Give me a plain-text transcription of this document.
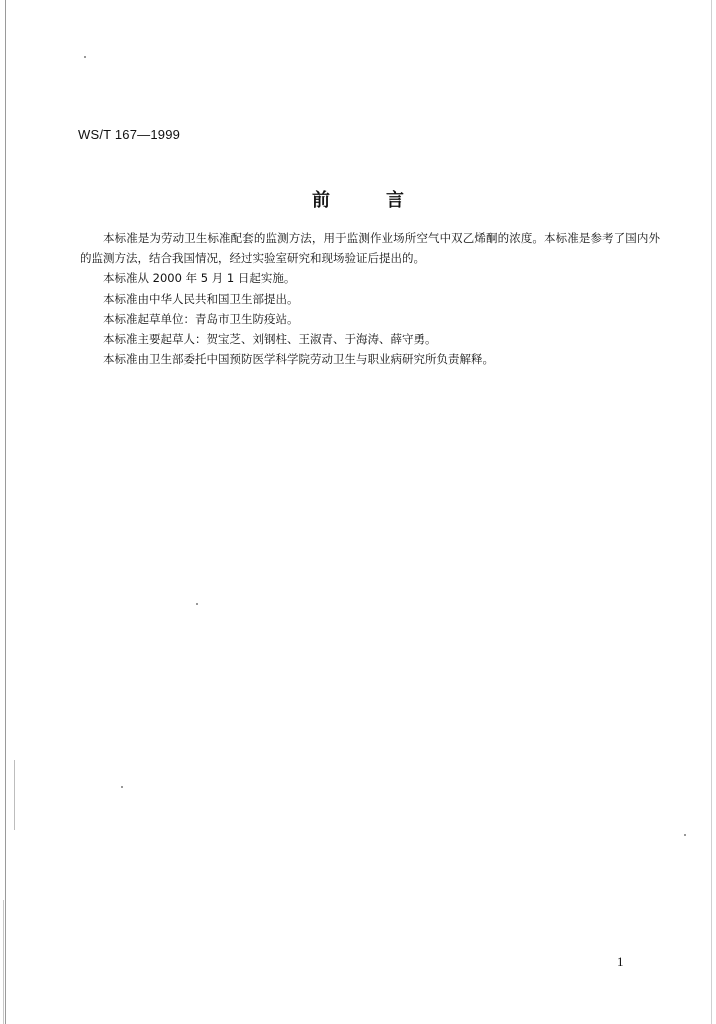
WS/T 167—1999
前言

本标准是为劳动卫生标准配套的监测方法，用于监测作业场所空气中双乙烯酮的浓度。本标准是参考了国内外的监测方法，结合我国情况，经过实验室研究和现场验证后提出的。

本标准从 2000 年 5 月 1 日起实施。

本标准由中华人民共和国卫生部提出。

本标准起草单位：青岛市卫生防疫站。

本标准主要起草人：贺宝芝、刘钢柱、王淑青、于海涛、薛守勇。

本标准由卫生部委托中国预防医学科学院劳动卫生与职业病研究所负责解释。

1
